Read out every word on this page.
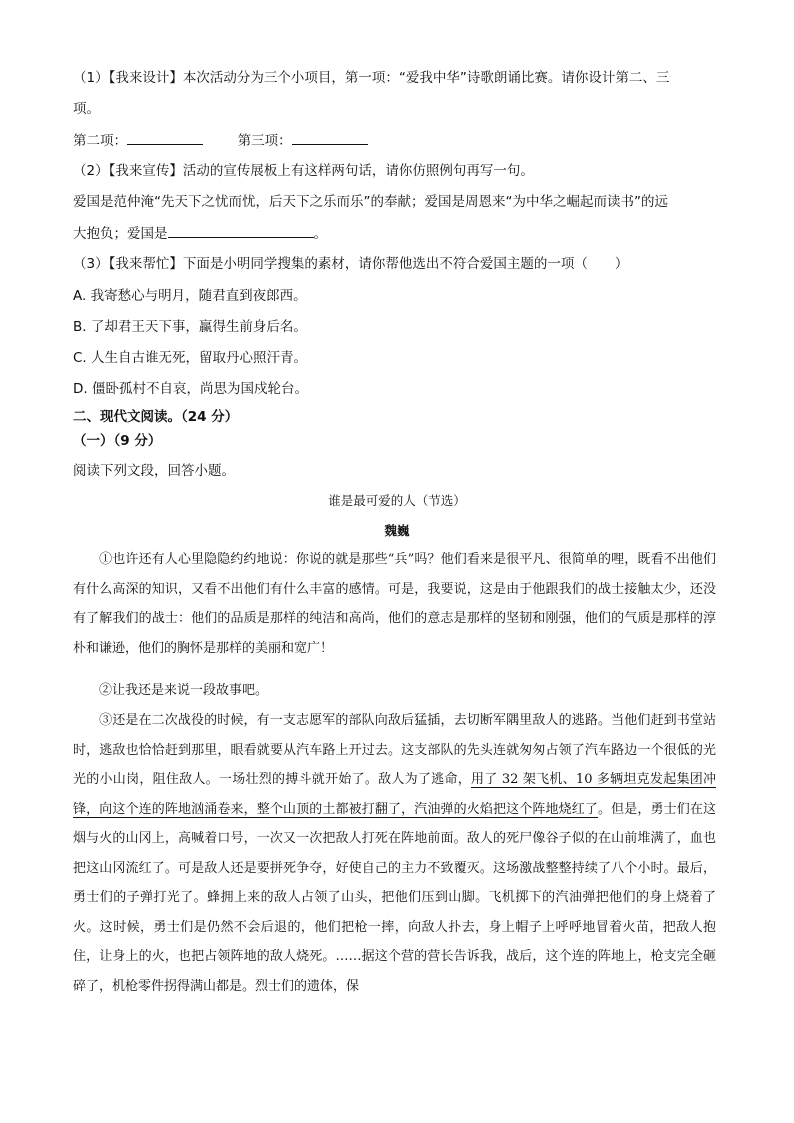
（1）【我来设计】本次活动分为三个小项目，第一项：“爱我中华”诗歌朗诵比赛。请你设计第二、三
项。
第二项：	第三项：
（2）【我来宣传】活动的宣传展板上有这样两句话，请你仿照例句再写一句。
爱国是范仲淹“先天下之忧而忧，后天下之乐而乐”的奉献；爱国是周恩来“为中华之崛起而读书”的远
大抱负；爱国是	。
（3）【我来帮忙】下面是小明同学搜集的素材，请你帮他选出不符合爱国主题的一项（　　）
A. 我寄愁心与明月，随君直到夜郎西。
B. 了却君王天下事，赢得生前身后名。
C. 人生自古谁无死，留取丹心照汗青。
D. 僵卧孤村不自哀，尚思为国戍轮台。
二、现代文阅读。（24 分）
（一）（9 分）
阅读下列文段，回答小题。
谁是最可爱的人（节选）
魏巍
①也许还有人心里隐隐约约地说：你说的就是那些“兵”吗？他们看来是很平凡、很简单的哩，既看不出他们有什么高深的知识，又看不出他们有什么丰富的感情。可是，我要说，这是由于他跟我们的战士接触太少，还没有了解我们的战士：他们的品质是那样的纯洁和高尚，他们的意志是那样的坚韧和刚强，他们的气质是那样的淳朴和谦逊，他们的胸怀是那样的美丽和宽广！
②让我还是来说一段故事吧。
③还是在二次战役的时候，有一支志愿军的部队向敌后猛插，去切断军隅里敌人的逃路。当他们赶到书堂站时，逃敌也恰恰赶到那里，眼看就要从汽车路上开过去。这支部队的先头连就匆匆占领了汽车路边一个很低的光光的小山岗，阻住敌人。一场壮烈的搏斗就开始了。敌人为了逃命，用了 32 架飞机、10 多辆坦克发起集团冲锋，向这个连的阵地汹涌卷来，整个山顶的土都被打翻了，汽油弹的火焰把这个阵地烧红了。但是，勇士们在这烟与火的山冈上，高喊着口号，一次又一次把敌人打死在阵地前面。敌人的死尸像谷子似的在山前堆满了，血也把这山冈流红了。可是敌人还是要拼死争夺，好使自己的主力不致覆灭。这场激战整整持续了八个小时。最后，勇士们的子弹打光了。蜂拥上来的敌人占领了山头，把他们压到山脚。飞机掷下的汽油弹把他们的身上烧着了火。这时候，勇士们是仍然不会后退的，他们把枪一摔，向敌人扑去，身上帽子上呼呼地冒着火苗，把敌人抱住，让身上的火，也把占领阵地的敌人烧死。……据这个营的营长告诉我，战后，这个连的阵地上，枪支完全砸碎了，机枪零件拐得满山都是。烈士们的遗体，保
